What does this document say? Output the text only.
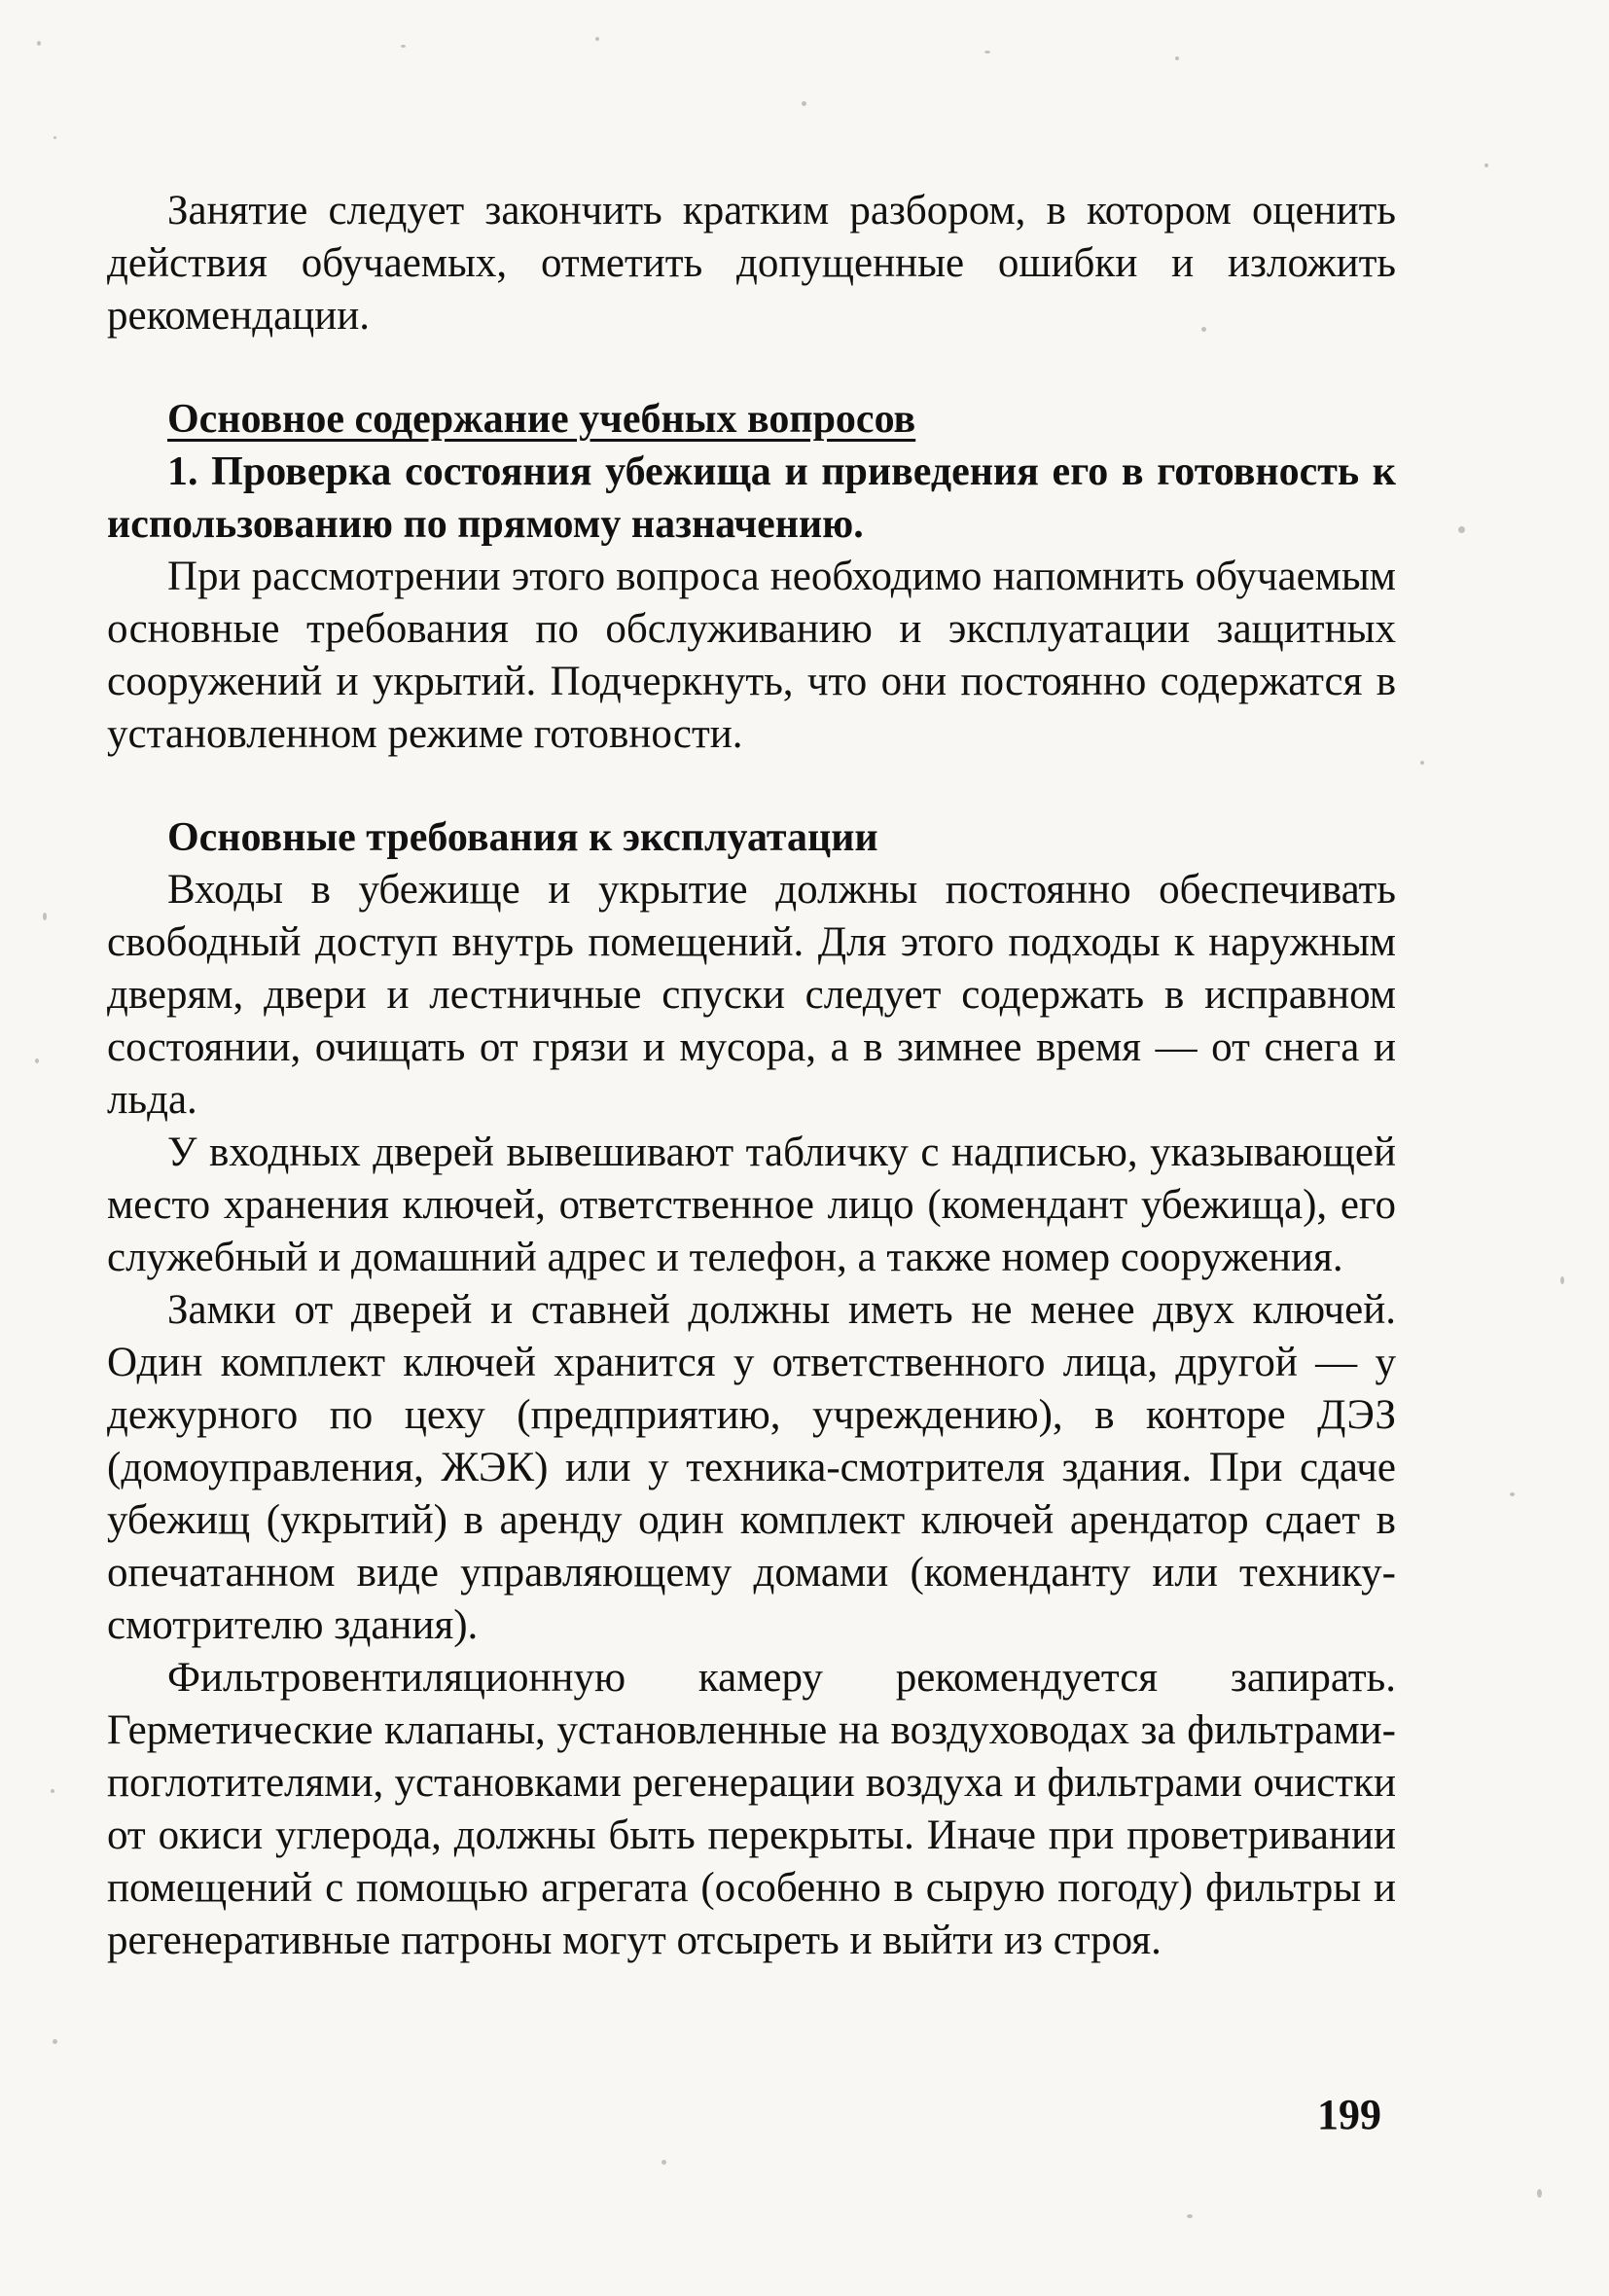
Занятие следует закончить кратким разбором, в котором оценить действия обучаемых, отметить допущенные ошибки и изложить рекомендации.

Основное содержание учебных вопросов
1. Проверка состояния убежища и приведения его в готовность к использованию по прямому назначению.

При рассмотрении этого вопроса необходимо напомнить обучаемым основные требования по обслуживанию и эксплуатации защитных сооружений и укрытий. Подчеркнуть, что они постоянно содержатся в установленном режиме готовности.

Основные требования к эксплуатации

Входы в убежище и укрытие должны постоянно обеспечивать свободный доступ внутрь помещений. Для этого подходы к наружным дверям, двери и лестничные спуски следует содержать в исправном состоянии, очищать от грязи и мусора, а в зимнее время — от снега и льда.

У входных дверей вывешивают табличку с надписью, указывающей место хранения ключей, ответственное лицо (комендант убежища), его служебный и домашний адрес и телефон, а также номер сооружения.

Замки от дверей и ставней должны иметь не менее двух ключей. Один комплект ключей хранится у ответственного лица, другой — у дежурного по цеху (предприятию, учреждению), в конторе ДЭЗ (домоуправления, ЖЭК) или у техника-смотрителя здания. При сдаче убежищ (укрытий) в аренду один комплект ключей арендатор сдает в опечатанном виде управляющему домами (коменданту или технику-смотрителю здания).

Фильтровентиляционную камеру рекомендуется запирать. Герметические клапаны, установленные на воздуховодах за фильтрами-поглотителями, установками регенерации воздуха и фильтрами очистки от окиси углерода, должны быть перекрыты. Иначе при проветривании помещений с помощью агрегата (особенно в сырую погоду) фильтры и регенеративные патроны могут отсыреть и выйти из строя.

199
